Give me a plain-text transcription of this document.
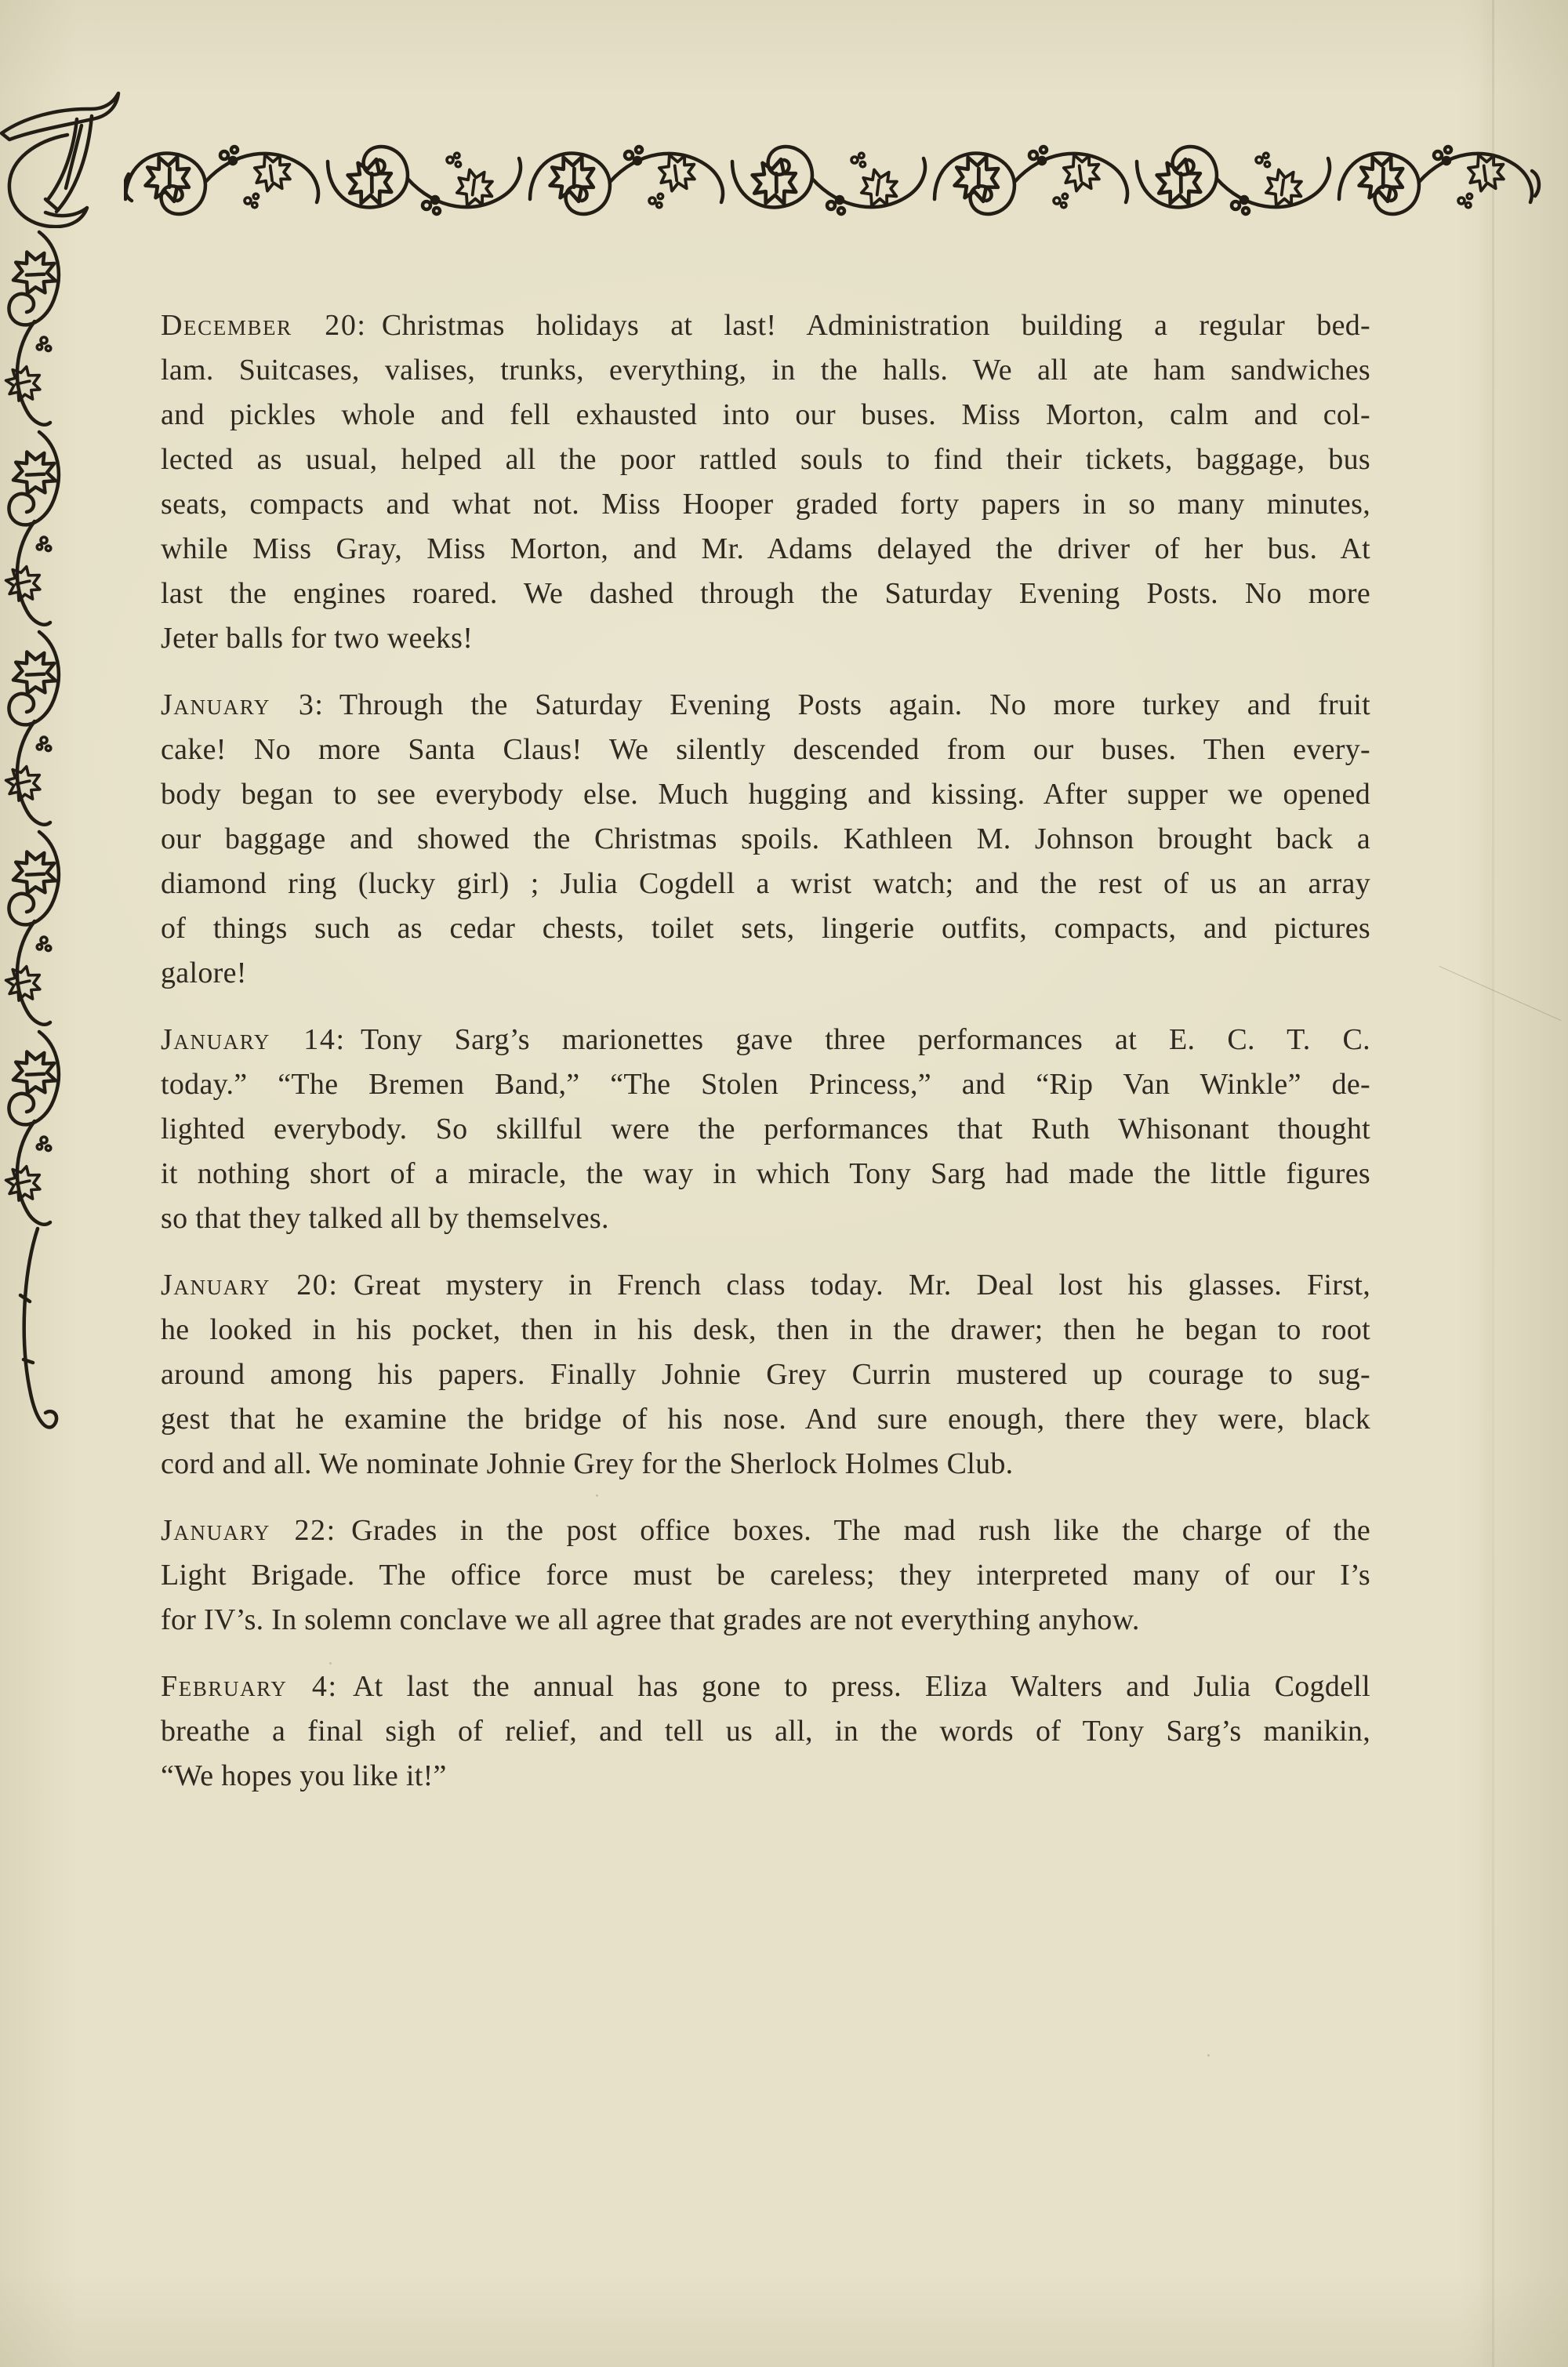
December 20: Christmas holidays at last! Administration building a regular bed-
lam. Suitcases, valises, trunks, everything, in the halls. We all ate ham sandwiches
and pickles whole and fell exhausted into our buses. Miss Morton, calm and col-
lected as usual, helped all the poor rattled souls to find their tickets, baggage, bus
seats, compacts and what not. Miss Hooper graded forty papers in so many minutes,
while Miss Gray, Miss Morton, and Mr. Adams delayed the driver of her bus. At
last the engines roared. We dashed through the Saturday Evening Posts. No more
Jeter balls for two weeks!
January 3: Through the Saturday Evening Posts again. No more turkey and fruit
cake! No more Santa Claus! We silently descended from our buses. Then every-
body began to see everybody else. Much hugging and kissing. After supper we opened
our baggage and showed the Christmas spoils. Kathleen M. Johnson brought back a
diamond ring (lucky girl) ; Julia Cogdell a wrist watch; and the rest of us an array
of things such as cedar chests, toilet sets, lingerie outfits, compacts, and pictures
galore!
January 14: Tony Sarg’s marionettes gave three performances at E. C. T. C.
today.” “The Bremen Band,” “The Stolen Princess,” and “Rip Van Winkle” de-
lighted everybody. So skillful were the performances that Ruth Whisonant thought
it nothing short of a miracle, the way in which Tony Sarg had made the little figures
so that they talked all by themselves.
January 20: Great mystery in French class today. Mr. Deal lost his glasses. First,
he looked in his pocket, then in his desk, then in the drawer; then he began to root
around among his papers. Finally Johnie Grey Currin mustered up courage to sug-
gest that he examine the bridge of his nose. And sure enough, there they were, black
cord and all. We nominate Johnie Grey for the Sherlock Holmes Club.
January 22: Grades in the post office boxes. The mad rush like the charge of the
Light Brigade. The office force must be careless; they interpreted many of our I’s
for IV’s. In solemn conclave we all agree that grades are not everything anyhow.
February 4: At last the annual has gone to press. Eliza Walters and Julia Cogdell
breathe a final sigh of relief, and tell us all, in the words of Tony Sarg’s manikin,
“We hopes you like it!”
